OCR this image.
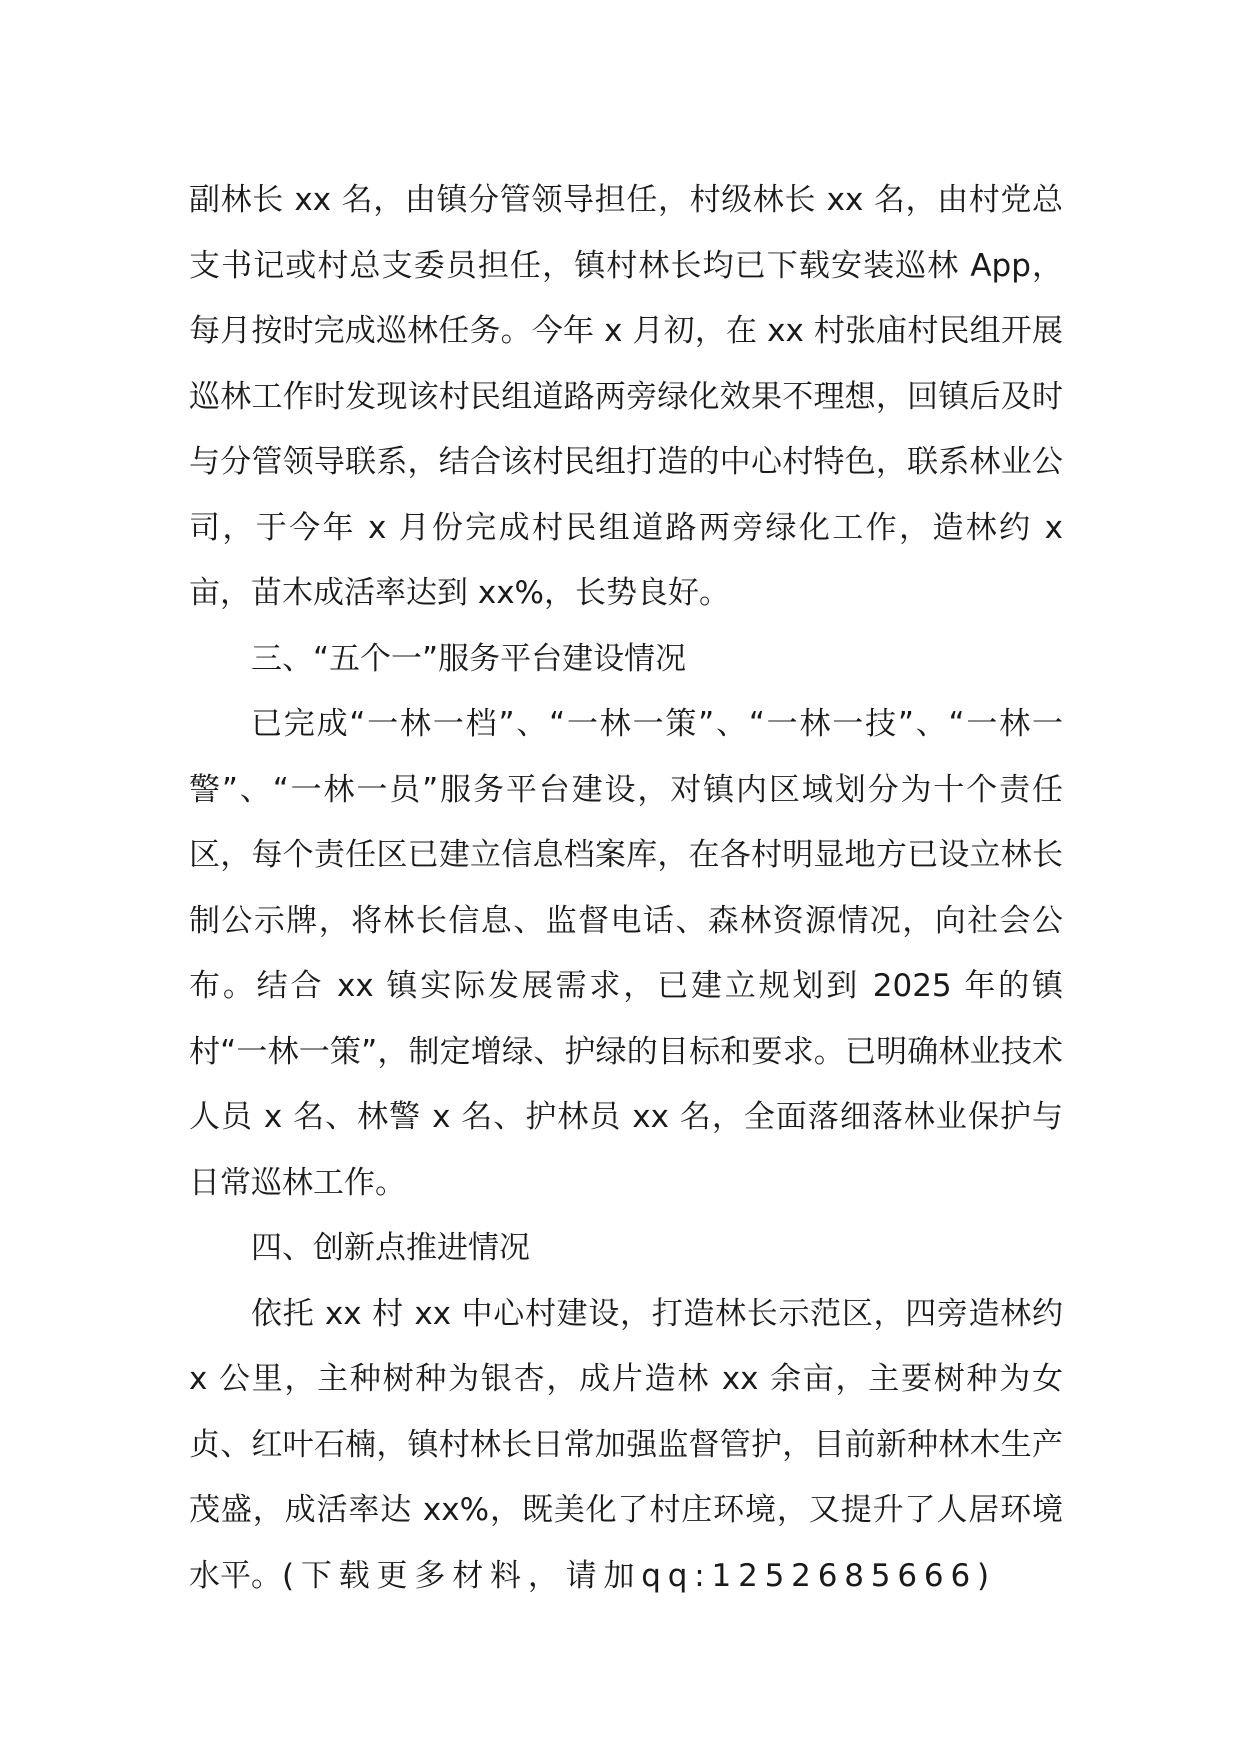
副林长 xx 名，由镇分管领导担任，村级林长 xx 名，由村党总支书记或村总支委员担任，镇村林长均已下载安装巡林 App，每月按时完成巡林任务。今年 x 月初，在 xx 村张庙村民组开展巡林工作时发现该村民组道路两旁绿化效果不理想，回镇后及时与分管领导联系，结合该村民组打造的中心村特色，联系林业公司，于今年 x 月份完成村民组道路两旁绿化工作，造林约 x 亩，苗木成活率达到 xx%，长势良好。

三、“五个一”服务平台建设情况

已完成“一林一档”、“一林一策”、“一林一技”、“一林一警”、“一林一员”服务平台建设，对镇内区域划分为十个责任区，每个责任区已建立信息档案库，在各村明显地方已设立林长制公示牌，将林长信息、监督电话、森林资源情况，向社会公布。结合 xx 镇实际发展需求，已建立规划到 2025 年的镇村“一林一策”，制定增绿、护绿的目标和要求。已明确林业技术人员 x 名、林警 x 名、护林员 xx 名，全面落细落林业保护与日常巡林工作。

四、创新点推进情况

依托 xx 村 xx 中心村建设，打造林长示范区，四旁造林约 x 公里，主种树种为银杏，成片造林 xx 余亩，主要树种为女贞、红叶石楠，镇村林长日常加强监督管护，目前新种林木生产茂盛，成活率达 xx%，既美化了村庄环境，又提升了人居环境水平。(下载更多材料，请加qq:1252685666)
